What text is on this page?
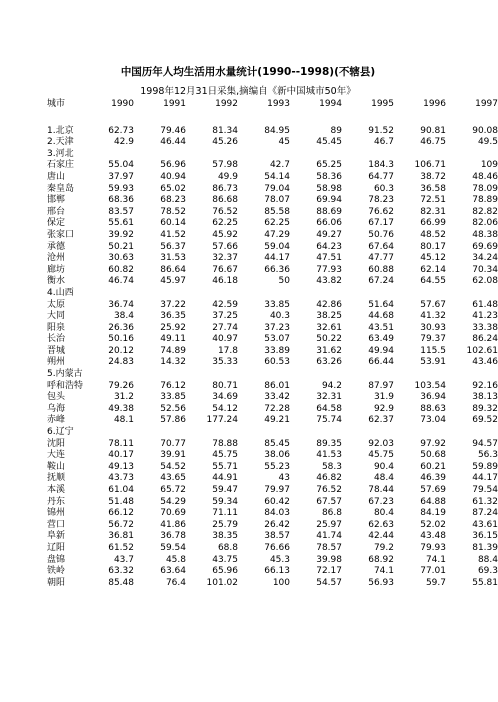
中国历年人均生活用水量统计(1990--1998)(不辖县)
1998年12月31日采集,摘编自《新中国城市50年》
城市	1990	1991	1992	1993	1994	1995	1996	1997
1.北京	62.73	79.46	81.34	84.95	89	91.52	90.81	90.08
2.天津	42.9	46.44	45.26	45	45.45	46.7	46.75	49.5
3.河北
石家庄	55.04	56.96	57.98	42.7	65.25	184.3	106.71	109
唐山	37.97	40.94	49.9	54.14	58.36	64.77	38.72	48.46
秦皇岛	59.93	65.02	86.73	79.04	58.98	60.3	36.58	78.09
邯郸	68.36	68.23	86.68	78.07	69.94	78.23	72.51	78.89
邢台	83.57	78.52	76.52	85.58	88.69	76.62	82.31	82.82
保定	55.61	60.14	62.25	62.25	66.06	67.17	66.99	82.06
张家口	39.92	41.52	45.92	47.29	49.27	50.76	48.52	48.38
承德	50.21	56.37	57.66	59.04	64.23	67.64	80.17	69.69
沧州	30.63	31.53	32.37	44.17	47.51	47.77	45.12	34.24
廊坊	60.82	86.64	76.67	66.36	77.93	60.88	62.14	70.34
衡水	46.74	45.97	46.18	50	43.82	67.24	64.55	62.08
4.山西
太原	36.74	37.22	42.59	33.85	42.86	51.64	57.67	61.48
大同	38.4	36.35	37.25	40.3	38.25	44.68	41.32	41.23
阳泉	26.36	25.92	27.74	37.23	32.61	43.51	30.93	33.38
长治	50.16	49.11	40.97	53.07	50.22	63.49	79.37	86.24
晋城	20.12	74.89	17.8	33.89	31.62	49.94	115.5	102.61
朔州	24.83	14.32	35.33	60.53	63.26	66.44	53.91	43.46
5.内蒙古
呼和浩特	79.26	76.12	80.71	86.01	94.2	87.97	103.54	92.16
包头	31.2	33.85	34.69	33.42	32.31	31.9	36.94	38.13
乌海	49.38	52.56	54.12	72.28	64.58	92.9	88.63	89.32
赤峰	48.1	57.86	177.24	49.21	75.74	62.37	73.04	69.52
6.辽宁
沈阳	78.11	70.77	78.88	85.45	89.35	92.03	97.92	94.57
大连	40.17	39.91	45.75	38.06	41.53	45.75	50.68	56.3
鞍山	49.13	54.52	55.71	55.23	58.3	90.4	60.21	59.89
抚顺	43.73	43.65	44.91	43	46.82	48.4	46.39	44.17
本溪	61.04	65.72	59.47	79.97	76.52	78.44	57.69	79.54
丹东	51.48	54.29	59.34	60.42	67.57	67.23	64.88	61.32
锦州	66.12	70.69	71.11	84.03	86.8	80.4	84.19	87.24
营口	56.72	41.86	25.79	26.42	25.97	62.63	52.02	43.61
阜新	36.81	36.78	38.35	38.57	41.74	42.44	43.48	36.15
辽阳	61.52	59.54	68.8	76.66	78.57	79.2	79.93	81.39
盘锦	43.7	45.8	43.75	45.3	39.98	68.92	74.1	88.4
铁岭	63.32	63.64	65.96	66.13	72.17	74.1	77.01	69.3
朝阳	85.48	76.4	101.02	100	54.57	56.93	59.7	55.81
